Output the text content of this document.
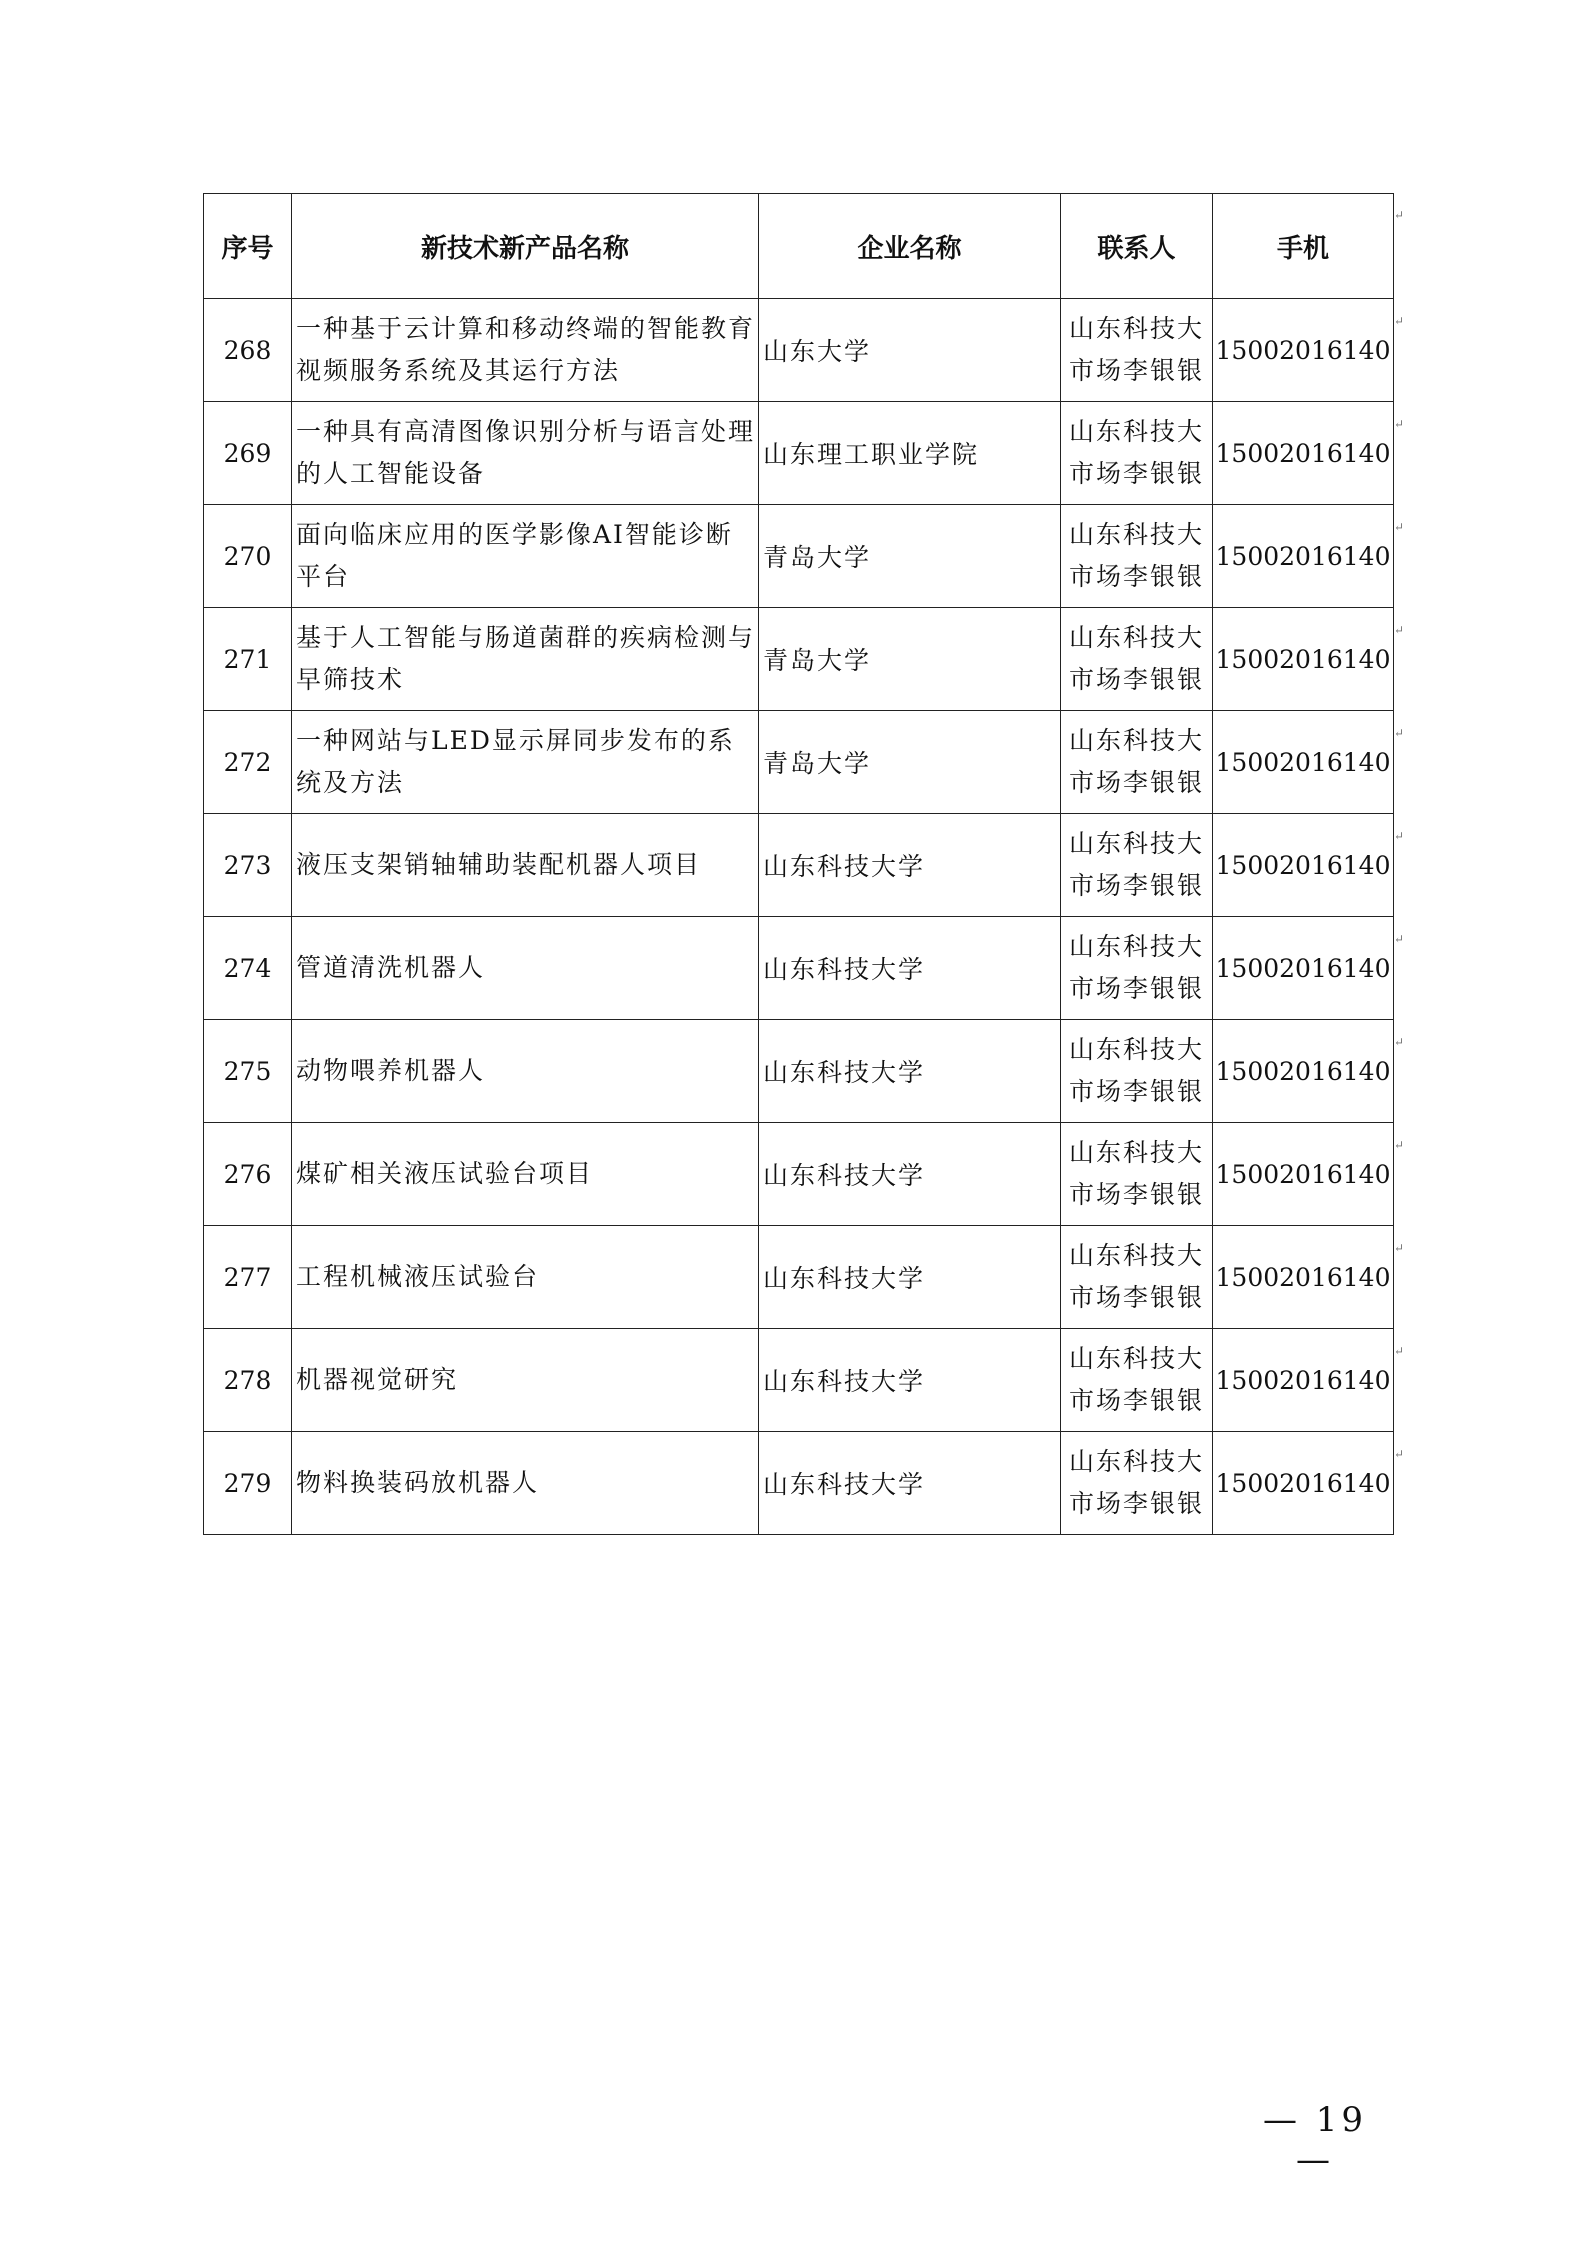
序号	新技术新产品名称	企业名称	联系人	手机
268	一种基于云计算和移动终端的智能教育视频服务系统及其运行方法	山东大学	山东科技大市场李银银	15002016140
269	一种具有高清图像识别分析与语言处理的人工智能设备	山东理工职业学院	山东科技大市场李银银	15002016140
270	面向临床应用的医学影像AI智能诊断平台	青岛大学	山东科技大市场李银银	15002016140
271	基于人工智能与肠道菌群的疾病检测与早筛技术	青岛大学	山东科技大市场李银银	15002016140
272	一种网站与LED显示屏同步发布的系统及方法	青岛大学	山东科技大市场李银银	15002016140
273	液压支架销轴辅助装配机器人项目	山东科技大学	山东科技大市场李银银	15002016140
274	管道清洗机器人	山东科技大学	山东科技大市场李银银	15002016140
275	动物喂养机器人	山东科技大学	山东科技大市场李银银	15002016140
276	煤矿相关液压试验台项目	山东科技大学	山东科技大市场李银银	15002016140
277	工程机械液压试验台	山东科技大学	山东科技大市场李银银	15002016140
278	机器视觉研究	山东科技大学	山东科技大市场李银银	15002016140
279	物料换装码放机器人	山东科技大学	山东科技大市场李银银	15002016140
↵
↵
↵
↵
↵
↵
↵
↵
↵
↵
↵
↵
↵
— 19 —
